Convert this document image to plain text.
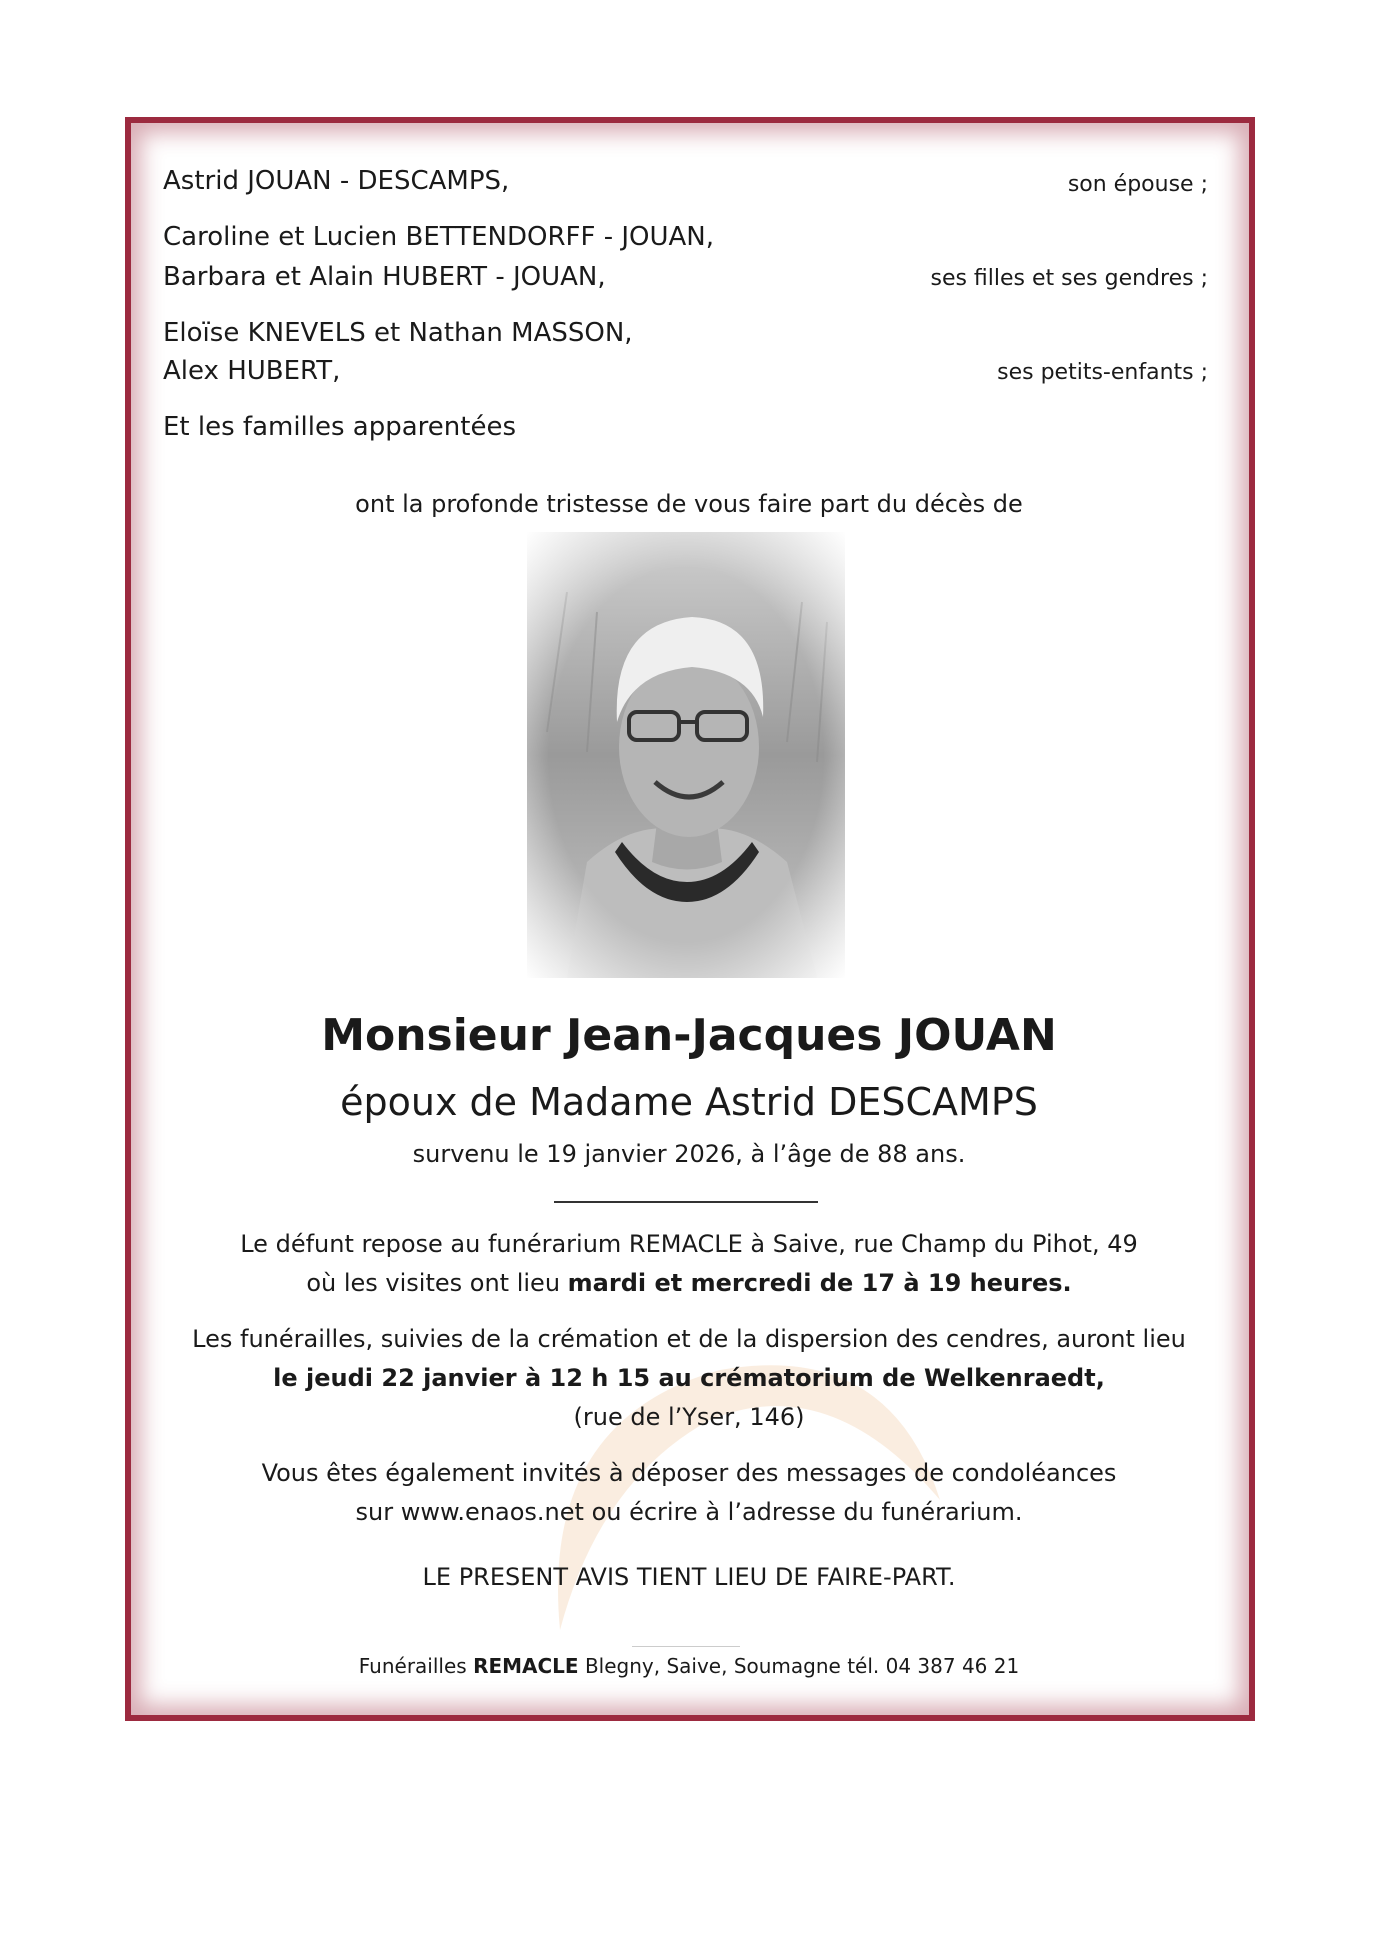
Astrid JOUAN - DESCAMPS,	son épouse ;
Caroline et Lucien BETTENDORFF - JOUAN,
Barbara et Alain HUBERT - JOUAN,	ses filles et ses gendres ;
Eloïse KNEVELS et Nathan MASSON,
Alex HUBERT,	ses petits-enfants ;
Et les familles apparentées
ont la profonde tristesse de vous faire part du décès de
Monsieur Jean-Jacques JOUAN
époux de Madame Astrid DESCAMPS
survenu le 19 janvier 2026, à l’âge de 88 ans.
Le défunt repose au funérarium REMACLE à Saive, rue Champ du Pihot, 49
où les visites ont lieu mardi et mercredi de 17 à 19 heures.
Les funérailles, suivies de la crémation et de la dispersion des cendres, auront lieu
le jeudi 22 janvier à 12 h 15 au crématorium de Welkenraedt,
(rue de l’Yser, 146)
Vous êtes également invités à déposer des messages de condoléances
sur www.enaos.net ou écrire à l’adresse du funérarium.
LE PRESENT AVIS TIENT LIEU DE FAIRE-PART.
Funérailles REMACLE Blegny, Saive, Soumagne tél. 04 387 46 21
